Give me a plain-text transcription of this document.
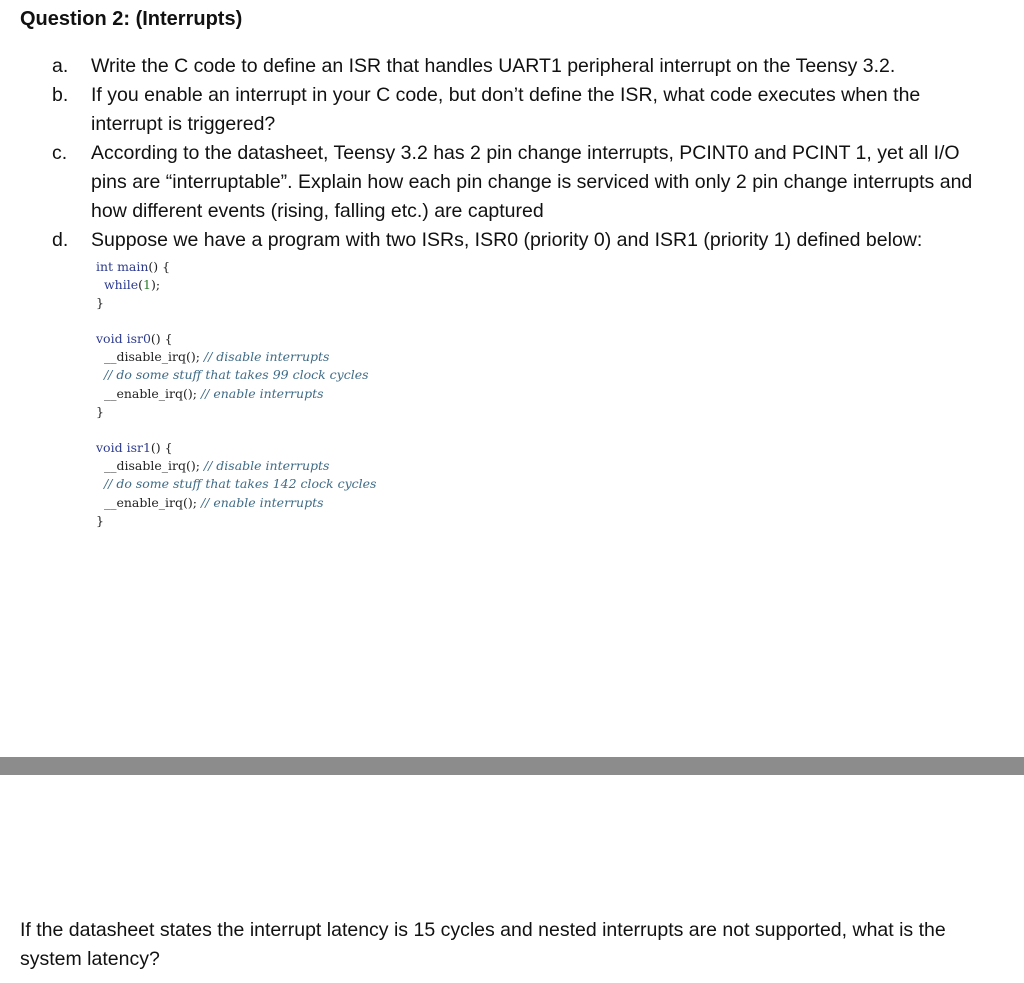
Question 2: (Interrupts)
a.	Write the C code to define an ISR that handles UART1 peripheral interrupt on the Teensy 3.2.
b.	If you enable an interrupt in your C code, but don’t define the ISR, what code executes when the interrupt is triggered?
c.	According to the datasheet, Teensy 3.2 has 2 pin change interrupts, PCINT0 and PCINT 1, yet all I/O pins are “interruptable”. Explain how each pin change is serviced with only 2 pin change interrupts and how different events (rising, falling etc.) are captured
d.	Suppose we have a program with two ISRs, ISR0 (priority 0) and ISR1 (priority 1) defined below:
int main() {
while(1);
}
void isr0() {
__disable_irq(); // disable interrupts
// do some stuff that takes 99 clock cycles
__enable_irq(); // enable interrupts
}
void isr1() {
__disable_irq(); // disable interrupts
// do some stuff that takes 142 clock cycles
__enable_irq(); // enable interrupts
}
If the datasheet states the interrupt latency is 15 cycles and nested interrupts are not supported, what is the system latency?
